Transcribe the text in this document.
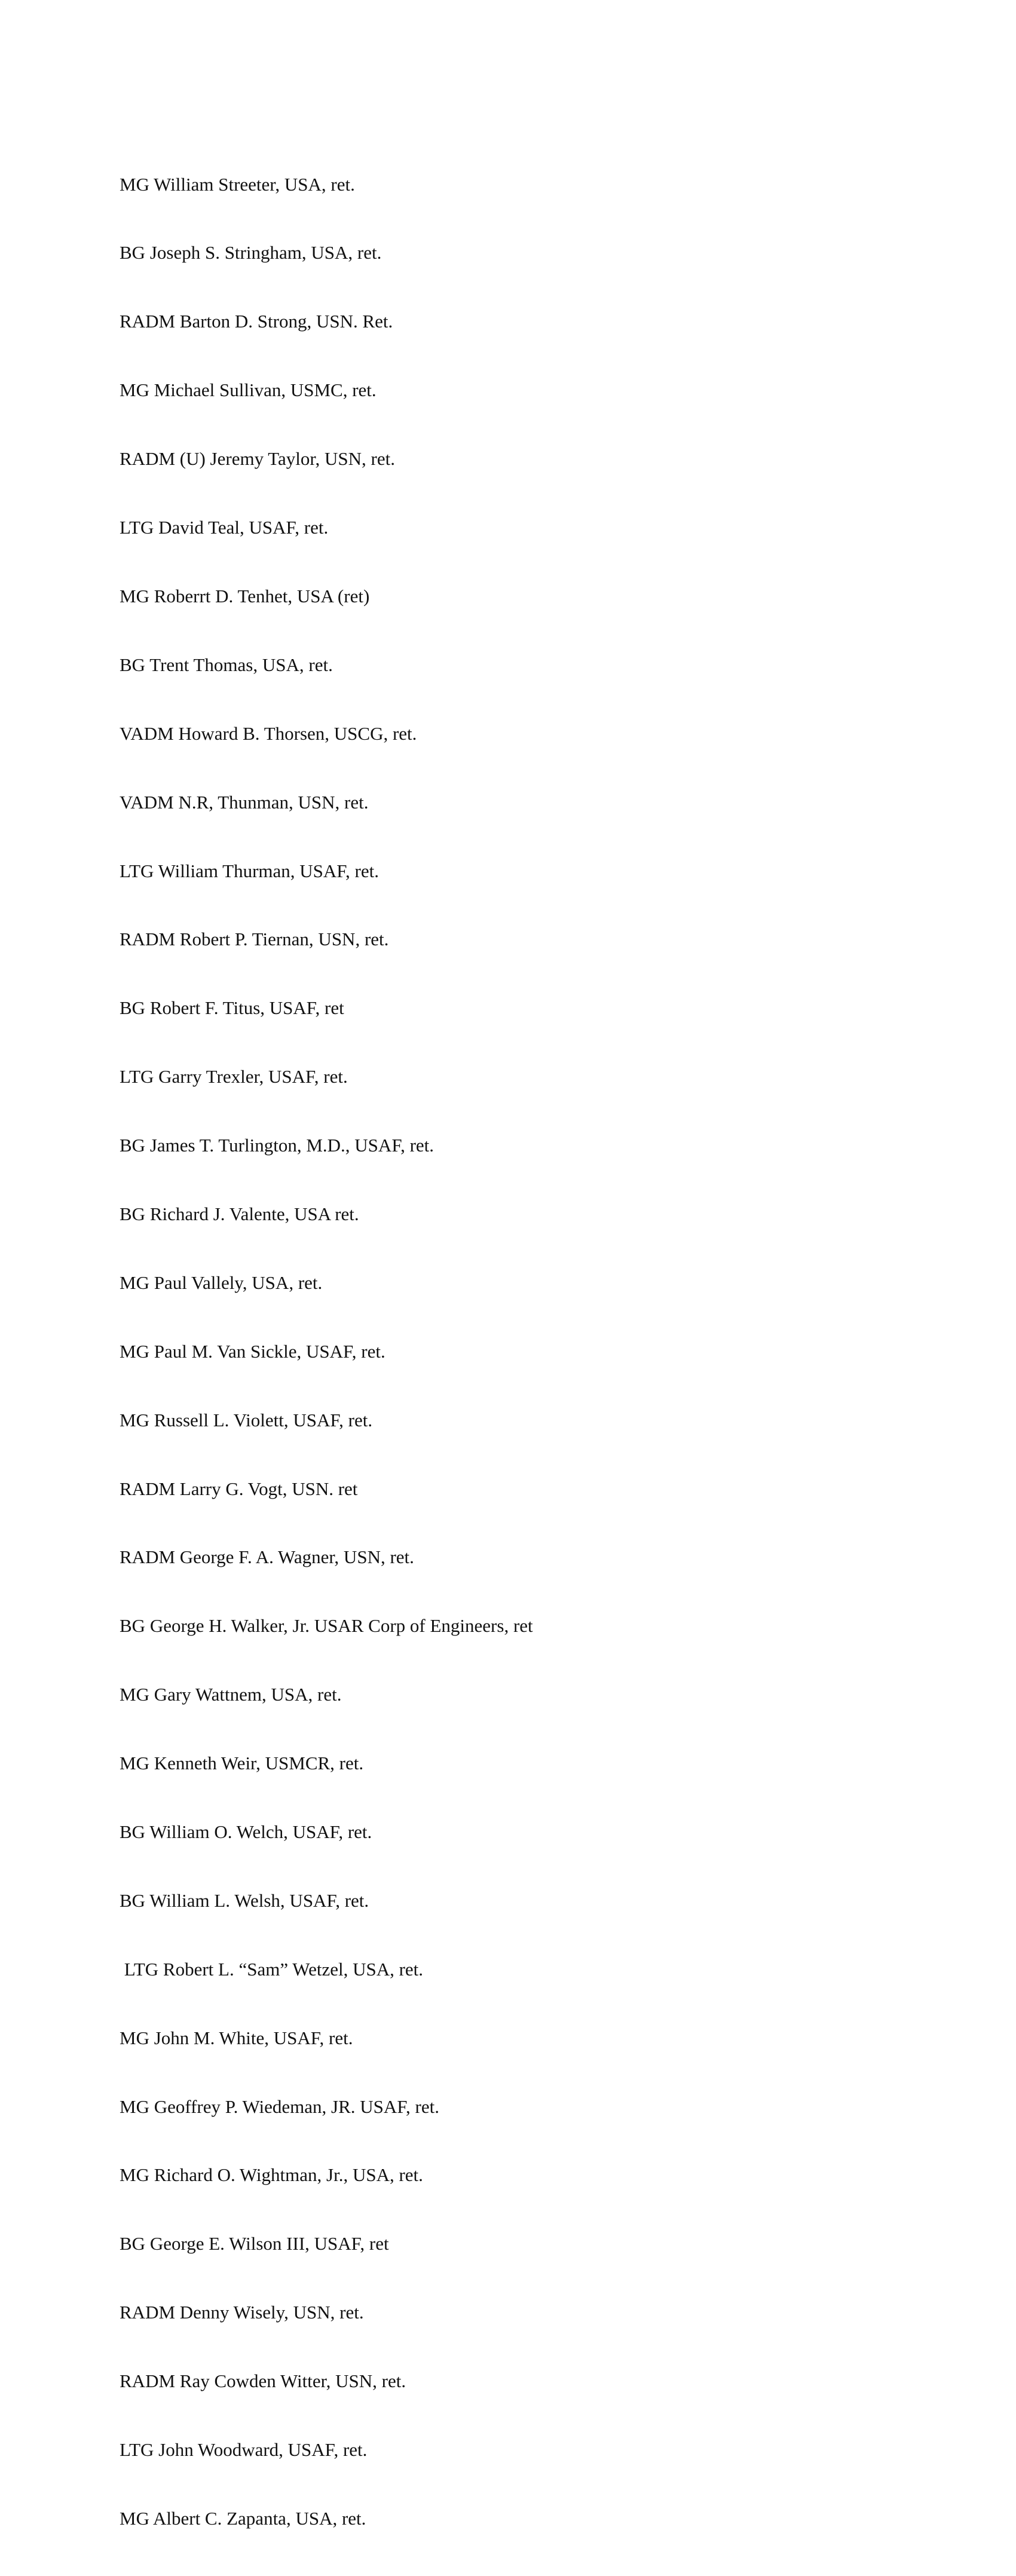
MG William Streeter, USA, ret.

BG Joseph S. Stringham, USA, ret.

RADM Barton D. Strong, USN. Ret.

MG Michael Sullivan, USMC, ret.

RADM (U) Jeremy Taylor, USN, ret.

LTG David Teal, USAF, ret.

MG Roberrt D. Tenhet, USA (ret)

BG Trent Thomas, USA, ret.

VADM Howard B. Thorsen, USCG, ret.

VADM N.R, Thunman, USN, ret.

LTG William Thurman, USAF, ret.

RADM Robert P. Tiernan, USN, ret.

BG Robert F. Titus, USAF, ret

LTG Garry Trexler, USAF, ret.

BG James T. Turlington, M.D., USAF, ret.

BG Richard J. Valente, USA ret.

MG Paul Vallely, USA, ret.

MG Paul M. Van Sickle, USAF, ret.

MG Russell L. Violett, USAF, ret.

RADM Larry G. Vogt, USN. ret

RADM George F. A. Wagner, USN, ret.

BG George H. Walker, Jr. USAR Corp of Engineers, ret

MG Gary Wattnem, USA, ret.

MG Kenneth Weir, USMCR, ret.

BG William O. Welch, USAF, ret.

BG William L. Welsh, USAF, ret.

LTG Robert L. “Sam” Wetzel, USA, ret.

MG John M. White, USAF, ret.

MG Geoffrey P. Wiedeman, JR. USAF, ret.

MG Richard O. Wightman, Jr., USA, ret.

BG George E. Wilson III, USAF, ret

RADM Denny Wisely, USN, ret.

RADM Ray Cowden Witter, USN, ret.

LTG John Woodward, USAF, ret.

MG Albert C. Zapanta, USA, ret.
